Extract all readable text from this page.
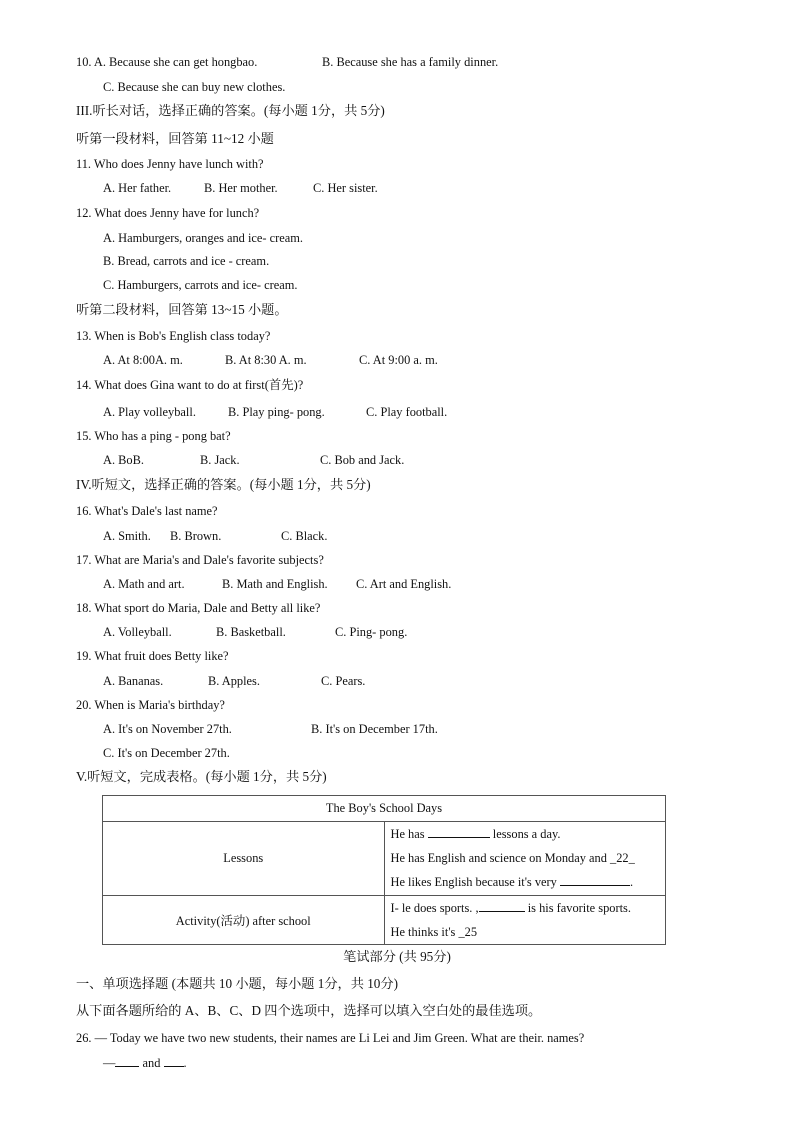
10. A. Because she can get hongbao.	B. Because she has a family dinner.
C. Because she can buy new clothes.
III.听长对话，选择正确的答案。(每小题 1分，共 5分)
听第一段材料，回答第 11~12 小题
11. Who does Jenny have lunch with?
A. Her father.	B. Her mother.	C. Her sister.
12. What does Jenny have for lunch?
A. Hamburgers, oranges and ice- cream.
B. Bread, carrots and ice - cream.
C. Hamburgers, carrots and ice- cream.
听第二段材料，回答第 13~15 小题。
13. When is Bob's English class today?
A. At 8:00A. m.	B. At 8:30 A. m.	C. At 9:00 a. m.
14. What does Gina want to do at first(首先)?
A. Play volleyball.	B. Play ping- pong.	C. Play football.
15. Who has a ping - pong bat?
A. BoB.	B. Jack.	C. Bob and Jack.
IV.听短文，选择正确的答案。(每小题 1分，共 5分)
16. What's Dale's last name?
A. Smith. B. Brown.	C. Black.
17. What are Maria's and Dale's favorite subjects?
A. Math and art.	B. Math and English. C. Art and English.
18. What sport do Maria, Dale and Betty all like?
A. Volleyball.	B. Basketball.	C. Ping- pong.
19. What fruit does Betty like?
A. Bananas.	B. Apples.	C. Pears.
20. When is Maria's birthday?
A. It's on November 27th.	B. It's on December 17th.
C. It's on December 27th.
V.听短文，完成表格。(每小题 1分，共 5分)
The Boy's School Days	
Lessons	He has lessons a day.
He has English and science on Monday and _22_
He likes English because it's very .

Activity(活动) after school	I- le does sports. , is his favorite sports.
He thinks it's _25
笔试部分 (共 95分)
一、单项选择题 (本题共 10 小题，每小题 1分，共 10分)
从下面各题所给的 A、B、C、D 四个选项中，选择可以填入空白处的最佳选项。
26. — Today we have two new students, their names are Li Lei and Jim Green. What are their. names?
— and .
